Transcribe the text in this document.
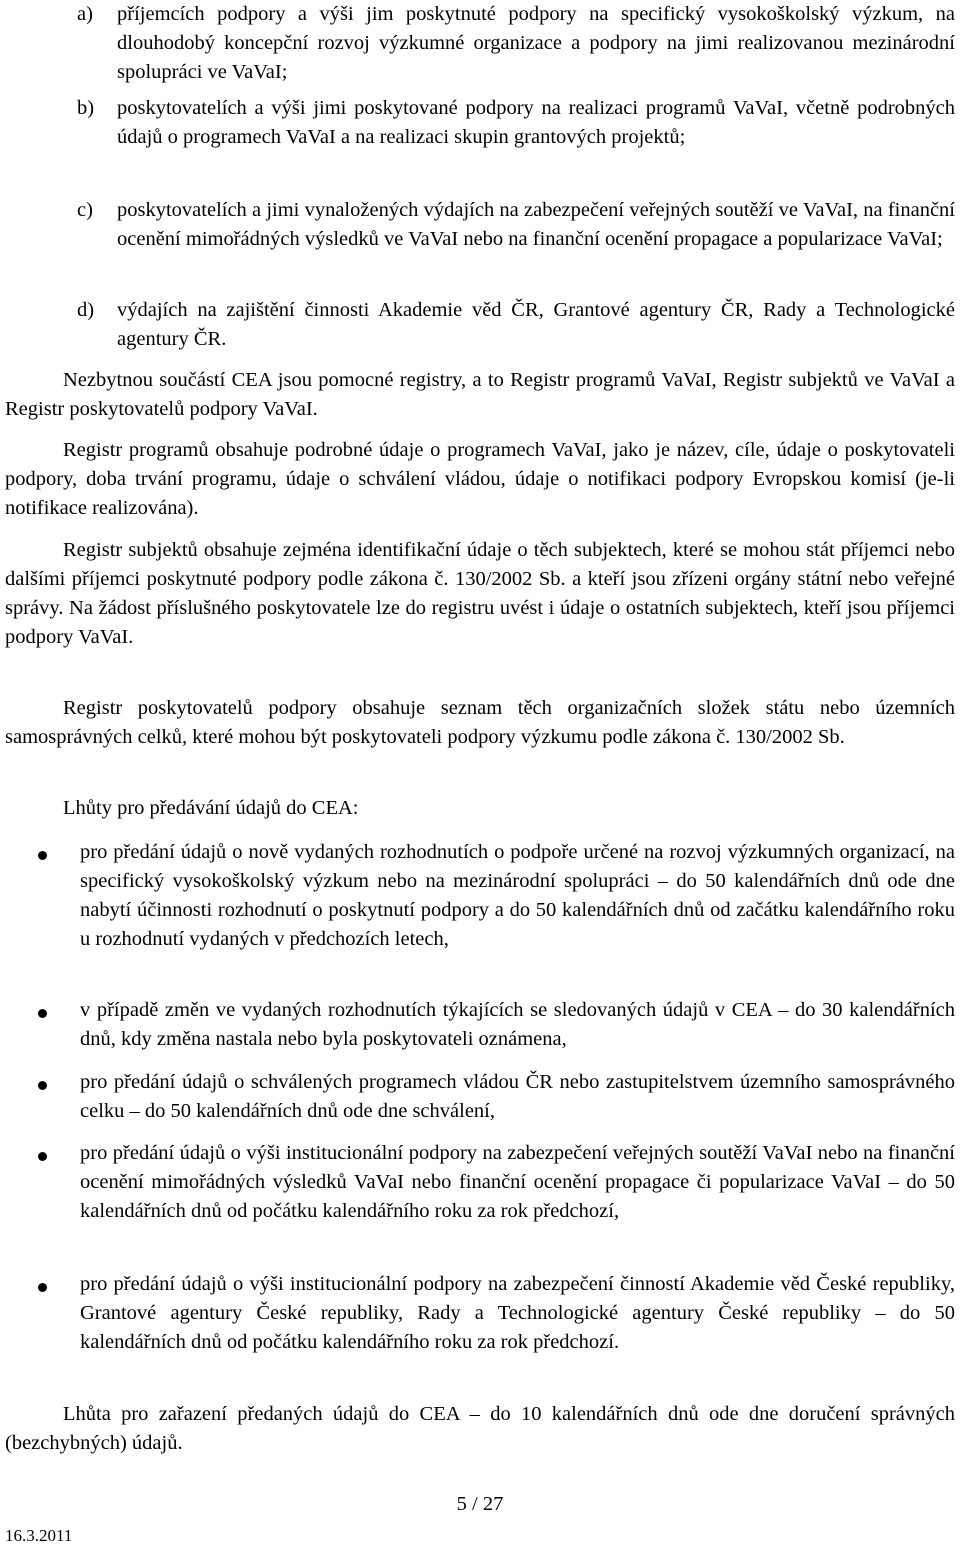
a) příjemcích podpory a výši jim poskytnuté podpory na specifický vysokoškolský výzkum, na dlouhodobý koncepční rozvoj výzkumné organizace a podpory na jimi realizovanou mezinárodní spolupráci ve VaVaI;
b) poskytovatelích a výši jimi poskytované podpory na realizaci programů VaVaI, včetně podrobných údajů o programech VaVaI a na realizaci skupin grantových projektů;
c) poskytovatelích a jimi vynaložených výdajích na zabezpečení veřejných soutěží ve VaVaI, na finanční ocenění mimořádných výsledků ve VaVaI nebo na finanční ocenění propagace a popularizace VaVaI;
d) výdajích na zajištění činnosti Akademie věd ČR, Grantové agentury ČR, Rady a Technologické agentury ČR.
Nezbytnou součástí CEA jsou pomocné registry, a to Registr programů VaVaI, Registr subjektů ve VaVaI a Registr poskytovatelů podpory VaVaI.
Registr programů obsahuje podrobné údaje o programech VaVaI, jako je název, cíle, údaje o poskytovateli podpory, doba trvání programu, údaje o schválení vládou, údaje o notifikaci podpory Evropskou komisí (je-li notifikace realizována).
Registr subjektů obsahuje zejména identifikační údaje o těch subjektech, které se mohou stát příjemci nebo dalšími příjemci poskytnuté podpory podle zákona č. 130/2002 Sb. a kteří jsou zřízeni orgány státní nebo veřejné správy. Na žádost příslušného poskytovatele lze do registru uvést i údaje o ostatních subjektech, kteří jsou příjemci podpory VaVaI.
Registr poskytovatelů podpory obsahuje seznam těch organizačních složek státu nebo územních samosprávných celků, které mohou být poskytovateli podpory výzkumu podle zákona č. 130/2002 Sb.
Lhůty pro předávání údajů do CEA:
pro předání údajů o nově vydaných rozhodnutích o podpoře určené na rozvoj výzkumných organizací, na specifický vysokoškolský výzkum nebo na mezinárodní spolupráci – do 50 kalendářních dnů ode dne nabytí účinnosti rozhodnutí o poskytnutí podpory a do 50 kalendářních dnů od začátku kalendářního roku u rozhodnutí vydaných v předchozích letech,
v případě změn ve vydaných rozhodnutích týkajících se sledovaných údajů v CEA – do 30 kalendářních dnů, kdy změna nastala nebo byla poskytovateli oznámena,
pro předání údajů o schválených programech vládou ČR nebo zastupitelstvem územního samosprávného celku – do 50 kalendářních dnů ode dne schválení,
pro předání údajů o výši institucionální podpory na zabezpečení veřejných soutěží VaVaI nebo na finanční ocenění mimořádných výsledků VaVaI nebo finanční ocenění propagace či popularizace VaVaI – do 50 kalendářních dnů od počátku kalendářního roku za rok předchozí,
pro předání údajů o výši institucionální podpory na zabezpečení činností Akademie věd České republiky, Grantové agentury České republiky, Rady a Technologické agentury České republiky – do 50 kalendářních dnů od počátku kalendářního roku za rok předchozí.
Lhůta pro zařazení předaných údajů do CEA – do 10 kalendářních dnů ode dne doručení správných (bezchybných) údajů.
5 / 27
16.3.2011
